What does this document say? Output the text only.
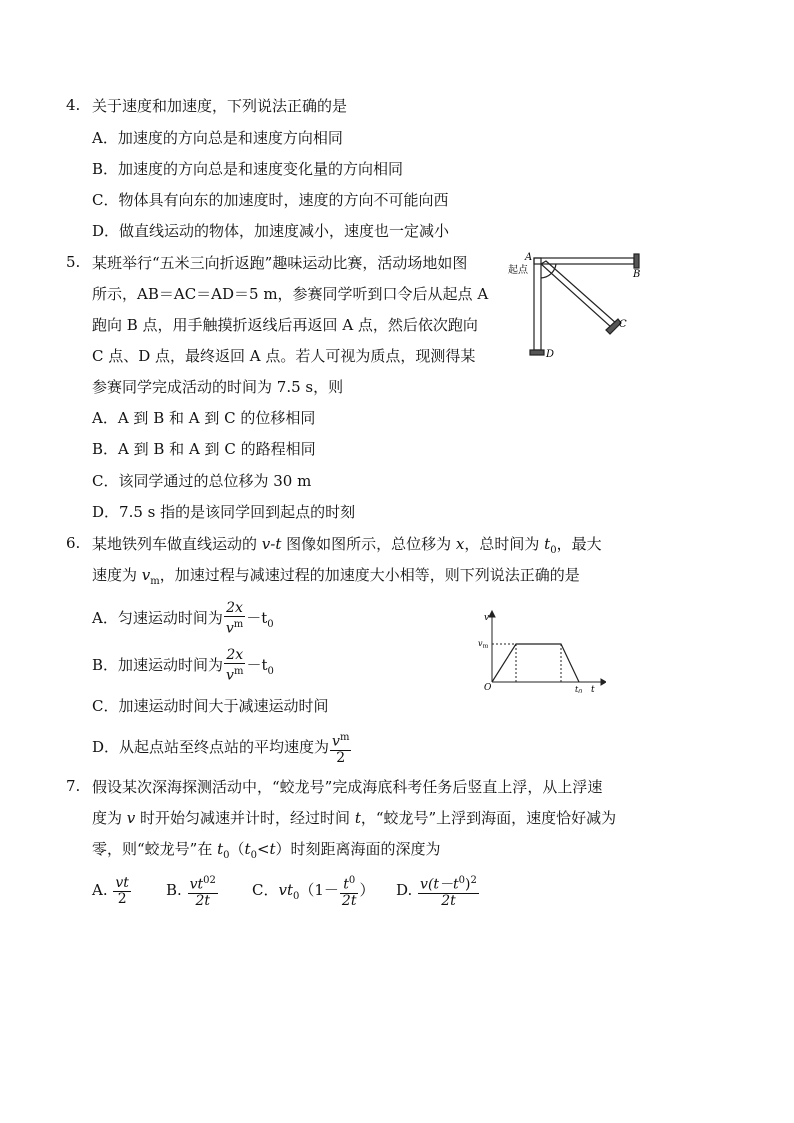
4. 关于速度和加速度，下列说法正确的是
A．加速度的方向总是和速度方向相同
B．加速度的方向总是和速度变化量的方向相同
C．物体具有向东的加速度时，速度的方向不可能向西
D．做直线运动的物体，加速度减小，速度也一定减小
5. 某班举行“五米三向折返跑”趣味运动比赛，活动场地如图
所示，AB＝AC＝AD＝5 m，参赛同学听到口令后从起点 A
跑向 B 点，用手触摸折返线后再返回 A 点，然后依次跑向
C 点、D 点，最终返回 A 点。若人可视为质点，现测得某
参赛同学完成活动的时间为 7.5 s，则
A．A 到 B 和 A 到 C 的位移相同
B．A 到 B 和 A 到 C 的路程相同
C．该同学通过的总位移为 30 m
D．7.5 s 指的是该同学回到起点的时刻
A
起点	B
C
D
6. 某地铁列车做直线运动的 v-t 图像如图所示，总位移为 x，总时间为 $t_0$，最大
速度为 $v_m$，加速过程与减速过程的加速度大小相等，则下列说法正确的是
A．匀速运动时间为 $\frac{2x}{v^m} -t_0$
B．加速运动时间为 $\frac{2x}{v^m} -t_0$
C．加速运动时间大于减速运动时间
D．从起点站至终点站的平均速度为 $\frac{v^m}{2}$
v
$v_m$
O	$t_0$ t
7. 假设某次深海探测活动中，“蛟龙号”完成海底科考任务后竖直上浮，从上浮速
度为 v 时开始匀减速并计时，经过时间 t，“蛟龙号”上浮到海面，速度恰好减为
零，则“蛟龙号”在 $t_0(t_0<t)$时刻距离海面的深度为
A. $\frac{vt}{2} B$. $\frac{vt^{02}}{2t}$ C．$vt_0(1- \frac{t^0}{2t}$ ） D. $\frac{v(t-t^0)^2}{2t}$
